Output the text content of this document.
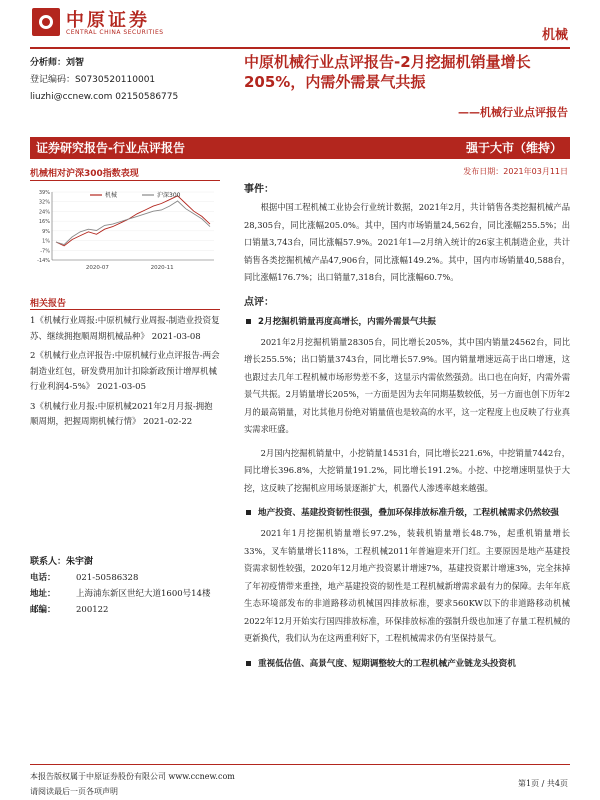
中原证券
CENTRAL CHINA SECURITIES	机械
分析师：刘智
登记编码：S0730520110001
liuzhi@ccnew.com 02150586775
中原机械行业点评报告-2月挖掘机销量增长205%，内需外需景气共振
——机械行业点评报告
证券研究报告-行业点评报告	强于大市（维持）
发布日期：2021年03月11日
机械相对沪深300指数表现
39%
32%
24%
16%
9%
1%
-7%
-14%
2020-07	2020-11
机械	沪深300
相关报告
1《机械行业周报:中原机械行业周报-制造业投资复苏、继续拥抱顺周期机械品种》 2021-03-08
2《机械行业点评报告:中原机械行业点评报告-两会制造业红包，研发费用加计扣除新政预计增厚机械行业利润4-5%》 2021-03-05
3《机械行业月报:中原机械2021年2月月报-拥抱顺周期，把握周期机械行情》 2021-02-22
联系人：朱宇澍
电话： 021-50586328
地址：	上海浦东新区世纪大道1600号14楼
邮编： 200122
事件：
根据中国工程机械工业协会行业统计数据，2021年2月，共计销售各类挖掘机械产品28,305台，同比涨幅205.0%。其中，国内市场销量24,562台，同比涨幅255.5%；出口销量3,743台，同比涨幅57.9%。2021年1—2月纳入统计的26家主机制造企业，共计销售各类挖掘机械产品47,906台，同比涨幅149.2%。其中，国内市场销量40,588台，同比涨幅176.7%；出口销量7,318台，同比涨幅60.7%。
点评：
2月挖掘机销量再度高增长，内需外需景气共振
2021年2月挖掘机销量28305台，同比增长205%，其中国内销量24562台，同比增长255.5%；出口销量3743台，同比增长57.9%。国内销量增速远高于出口增速，这也跟过去几年工程机械市场形势差不多，这显示内需依然强劲。出口也在向好，内需外需景气共振。2月销量增长205%，一方面是因为去年同期基数较低，另一方面也创下历年2月的最高销量，对比其他月份绝对销量值也是较高的水平，这一定程度上也反映了行业真实需求旺盛。
2月国内挖掘机销量中，小挖销量14531台，同比增长221.6%，中挖销量7442台，同比增长396.8%，大挖销量191.2%，同比增长191.2%。小挖、中挖增速明显快于大挖，这反映了挖掘机应用场景逐渐扩大，机器代人渗透率越来越强。
地产投资、基建投资韧性很强，叠加环保排放标准升级，工程机械需求仍然较强
2021年1月挖掘机销量增长97.2%，装载机销量增长48.7%，起重机销量增长33%，叉车销量增长118%，工程机械2011年普遍迎来开门红。主要原因是地产基建投资需求韧性较强，2020年12月地产投资累计增速7%，基建投资累计增速3%，完全抹掉了年初疫情带来重挫，地产基建投资的韧性是工程机械新增需求最有力的保障。去年年底生态环境部发布的非道路移动机械国四排放标准，要求560KW以下的非道路移动机械2022年12月开始实行国四排放标准，环保排放标准的强制升级也加速了存量工程机械的更新换代，我们认为在这两重利好下，工程机械需求仍有坚保持景气。
重视低估值、高景气度、短期调整较大的工程机械产业链龙头投资机
本报告版权属于中原证券股份有限公司 www.ccnew.com
请阅读最后一页各项声明
第1页 / 共4页
